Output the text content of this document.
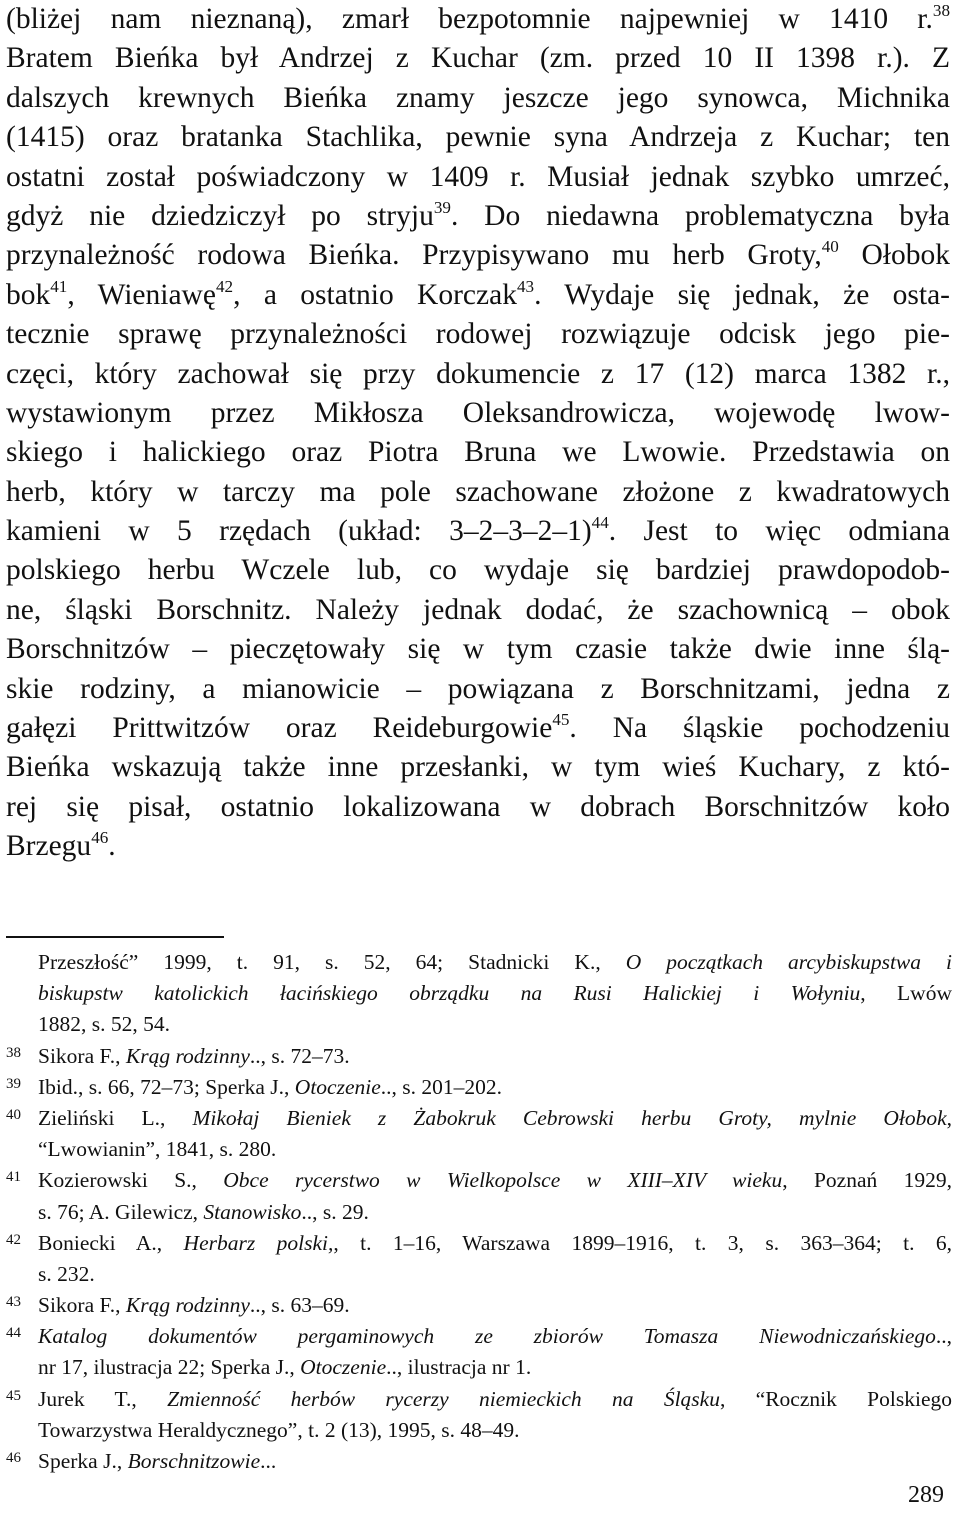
(bliżej nam nieznaną), zmarł bezpotomnie najpewniej w 1410 r.$^{38}$
Bratem Bieńka był Andrzej z Kuchar (zm. przed 10 II 1398 r.). Z
dalszych krewnych Bieńka znamy jeszcze jego synowca, Michnika
(1415) oraz bratanka Stachlika, pewnie syna Andrzeja z Kuchar; ten
ostatni został poświadczony w 1409 r. Musiał jednak szybko umrzeć,
gdyż nie dziedziczył po stryju$^{39}$. Do niedawna problematyczna była
przynależność rodowa Bieńka. Przypisywano mu herb Groty,$^{40}$ Ołobok
bok$^{41}$, Wieniawę$^{42}$, a ostatnio Korczak$^{43}$. Wydaje się jednak, że osta-
tecznie sprawę przynależności rodowej rozwiązuje odcisk jego pie-
częci, który zachował się przy dokumencie z 17 (12) marca 1382 r.,
wystawionym przez Mikłosza Oleksandrowicza, wojewodę lwow-
skiego i halickiego oraz Piotra Bruna we Lwowie. Przedstawia on
herb, który w tarczy ma pole szachowane złożone z kwadratowych
kamieni w 5 rzędach (układ: 3–2–3–2–1)$^{44}$. Jest to więc odmiana
polskiego herbu Wczele lub, co wydaje się bardziej prawdopodob-
ne, śląski Borschnitz. Należy jednak dodać, że szachownicą – obok
Borschnitzów – pieczętowały się w tym czasie także dwie inne ślą-
skie rodziny, a mianowicie – powiązana z Borschnitzami, jedna z
gałęzi Prittwitzów oraz Reideburgowie$^{45}$. Na śląskie pochodzeniu
Bieńka wskazują także inne przesłanki, w tym wieś Kuchary, z któ-
rej się pisał, ostatnio lokalizowana w dobrach Borschnitzów koło
Brzegu$^{46}$.
Przeszłość” 1999, t. 91, s. 52, 64; Stadnicki K., O początkach arcybiskupstwa i
biskupstw katolickich łacińskiego obrządku na Rusi Halickiej i Wołyniu, Lwów
1882, s. 52, 54.
38 Sikora F., Krąg rodzinny.., s. 72–73.
39 Ibid., s. 66, 72–73; Sperka J., Otoczenie.., s. 201–202.
40 Zieliński L., Mikołaj Bieniek z Żabokruk Cebrowski herbu Groty, mylnie Ołobok,
“Lwowianin”, 1841, s. 280.
41 Kozierowski S., Obce rycerstwo w Wielkopolsce w XIII–XIV wieku, Poznań 1929,
s. 76; A. Gilewicz, Stanowisko.., s. 29.
42 Boniecki A., Herbarz polski,, t. 1–16, Warszawa 1899–1916, t. 3, s. 363–364; t. 6,
s. 232.
43 Sikora F., Krąg rodzinny.., s. 63–69.
44 Katalog dokumentów pergaminowych ze zbiorów Tomasza Niewodniczańskiego..,
nr 17, ilustracja 22; Sperka J., Otoczenie.., ilustracja nr 1.
45 Jurek T., Zmienność herbów rycerzy niemieckich na Śląsku, “Rocznik Polskiego
Towarzystwa Heraldycznego”, t. 2 (13), 1995, s. 48–49.
46 Sperka J., Borschnitzowie...
289
